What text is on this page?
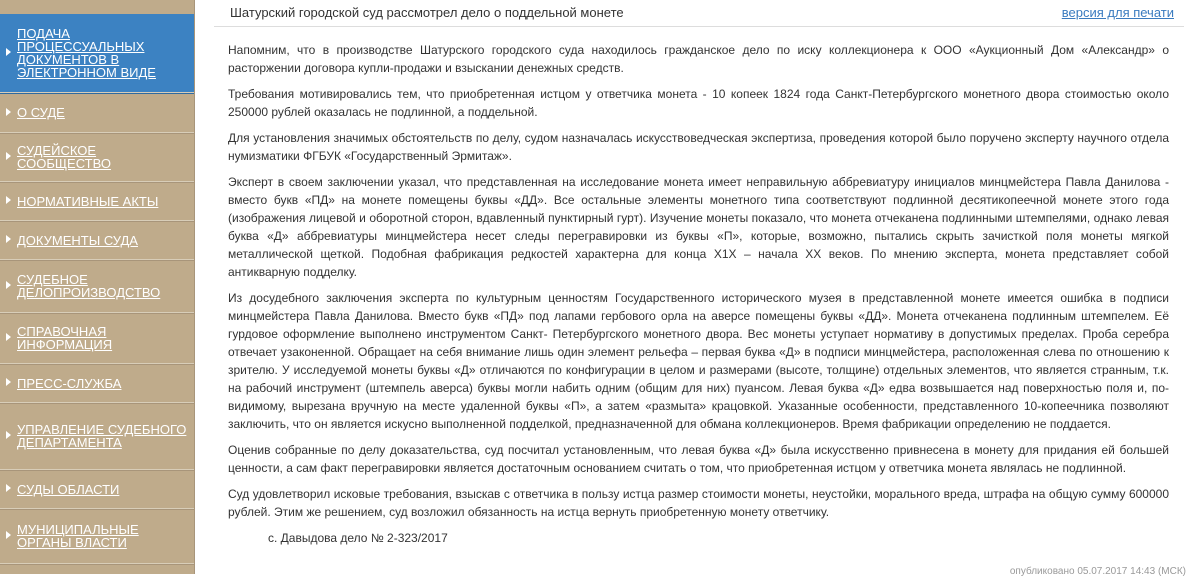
ПОДАЧА ПРОЦЕССУАЛЬНЫХ ДОКУМЕНТОВ В ЭЛЕКТРОННОМ ВИДЕ
О СУДЕ
СУДЕЙСКОЕ СООБЩЕСТВО
НОРМАТИВНЫЕ АКТЫ
ДОКУМЕНТЫ СУДА
СУДЕБНОЕ ДЕЛОПРОИЗВОДСТВО
СПРАВОЧНАЯ ИНФОРМАЦИЯ
ПРЕСС-СЛУЖБА
УПРАВЛЕНИЕ СУДЕБНОГО ДЕПАРТАМЕНТА
СУДЫ ОБЛАСТИ
МУНИЦИПАЛЬНЫЕ ОРГАНЫ ВЛАСТИ
Шатурский городской суд рассмотрел дело о поддельной монете	версия для печати

Напомним, что в производстве Шатурского городского суда находилось гражданское дело по иску коллекционера к ООО «Аукционный Дом «Александр» о расторжении договора купли-продажи и взыскании денежных средств.

Требования мотивировались тем, что приобретенная истцом у ответчика монета - 10 копеек 1824 года Санкт-Петербургского монетного двора стоимостью около 250000 рублей оказалась не подлинной, а поддельной.

Для установления значимых обстоятельств по делу, судом назначалась искусствоведческая экспертиза, проведения которой было поручено эксперту научного отдела нумизматики ФГБУК «Государственный Эрмитаж».

Эксперт в своем заключении указал, что представленная на исследование монета имеет неправильную аббревиатуру инициалов минцмейстера Павла Данилова - вместо букв «ПД» на монете помещены буквы «ДД». Все остальные элементы монетного типа соответствуют подлинной десятикопеечной монете этого года (изображения лицевой и оборотной сторон, вдавленный пунктирный гурт). Изучение монеты показало, что монета отчеканена подлинными штемпелями, однако левая буква «Д» аббревиатуры минцмейстера несет следы перегравировки из буквы «П», которые, возможно, пытались скрыть зачисткой поля монеты мягкой металлической щеткой. Подобная фабрикация редкостей характерна для конца Х1Х – начала ХХ веков. По мнению эксперта, монета представляет собой антикварную подделку.

Из досудебного заключения эксперта по культурным ценностям Государственного исторического музея в представленной монете имеется ошибка в подписи минцмейстера Павла Данилова. Вместо букв «ПД» под лапами гербового орла на аверсе помещены буквы «ДД». Монета отчеканена подлинным штемпелем. Её гурдовое оформление выполнено инструментом Санкт- Петербургского монетного двора. Вес монеты уступает нормативу в допустимых пределах. Проба серебра отвечает узаконенной. Обращает на себя внимание лишь один элемент рельефа – первая буква «Д» в подписи минцмейстера, расположенная слева по отношению к зрителю. У исследуемой монеты буквы «Д» отличаются по конфигурации в целом и размерами (высоте, толщине) отдельных элементов, что является странным, т.к. на рабочий инструмент (штемпель аверса) буквы могли набить одним (общим для них) пуансом. Левая буква «Д» едва возвышается над поверхностью поля и, по-видимому, вырезана вручную на месте удаленной буквы «П», а затем «размыта» крацовкой. Указанные особенности, представленного 10-копеечника позволяют заключить, что он является искусно выполненной подделкой, предназначенной для обмана коллекционеров. Время фабрикации определению не поддается.

Оценив собранные по делу доказательства, суд посчитал установленным, что левая буква «Д» была искусственно привнесена в монету для придания ей большей ценности, а сам факт перегравировки является достаточным основанием считать о том, что приобретенная истцом у ответчика монета являлась не подлинной.

Суд удовлетворил исковые требования, взыскав с ответчика в пользу истца размер стоимости монеты, неустойки, морального вреда, штрафа на общую сумму 600000 рублей. Этим же решением, суд возложил обязанность на истца вернуть приобретенную монету ответчику.

с. Давыдова дело № 2-323/2017

опубликовано 05.07.2017 14:43 (МСК)
